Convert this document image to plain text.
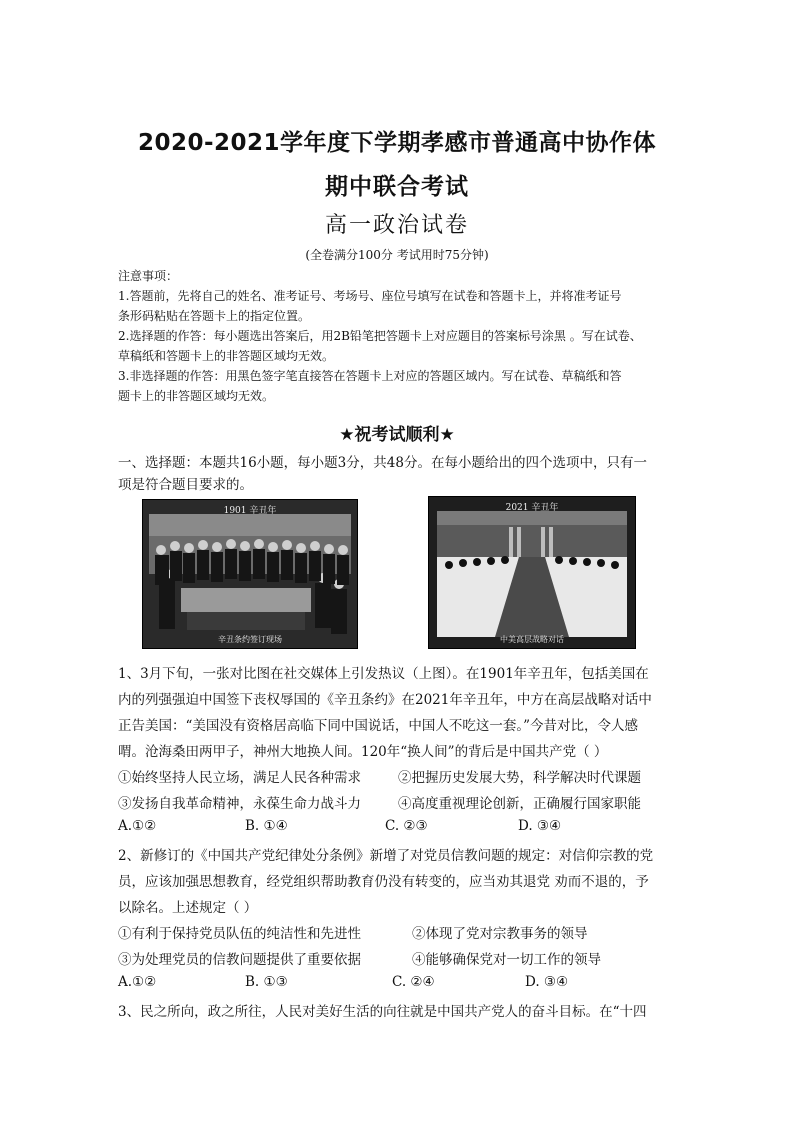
2020-2021学年度下学期孝感市普通高中协作体
期中联合考试
高一政治试卷
(全卷满分100分 考试用时75分钟)
注意事项：
1.答题前，先将自己的姓名、准考证号、考场号、座位号填写在试卷和答题卡上，并将准考证号
条形码粘贴在答题卡上的指定位置。
2.选择题的作答：每小题选出答案后，用2B铅笔把答题卡上对应题目的答案标号涂黑 。写在试卷、
草稿纸和答题卡上的非答题区域均无效。
3.非选择题的作答：用黑色签字笔直接答在答题卡上对应的答题区域内。写在试卷、草稿纸和答
题卡上的非答题区域均无效。
★祝考试顺利★
一、选择题：本题共16小题，每小题3分，共48分。在每小题给出的四个选项中，只有一
项是符合题目要求的。
1901 辛丑年
辛丑条约签订现场
2021 辛丑年
中美高层战略对话
1、3月下旬，一张对比图在社交媒体上引发热议（上图）。在1901年辛丑年，包括美国在
内的列强强迫中国签下丧权辱国的《辛丑条约》在2021年辛丑年，中方在高层战略对话中
正告美国：“美国没有资格居高临下同中国说话，中国人不吃这一套。”今昔对比，令人感
喟。沧海桑田两甲子，神州大地换人间。120年“换人间”的背后是中国共产党（ ）
①始终坚持人民立场，满足人民各种需求	②把握历史发展大势，科学解决时代课题
③发扬自我革命精神，永葆生命力战斗力	④高度重视理论创新，正确履行国家职能
A.①②	B. ①④	C. ②③	D. ③④
2、新修订的《中国共产党纪律处分条例》新增了对党员信教问题的规定：对信仰宗教的党
员，应该加强思想教育，经党组织帮助教育仍没有转变的，应当劝其退党 劝而不退的，予
以除名。上述规定（ ）
①有利于保持党员队伍的纯洁性和先进性	②体现了党对宗教事务的领导
③为处理党员的信教问题提供了重要依据	④能够确保党对一切工作的领导
A.①②	B. ①③	C. ②④	D. ③④
3、民之所向，政之所往，人民对美好生活的向往就是中国共产党人的奋斗目标。在“十四
